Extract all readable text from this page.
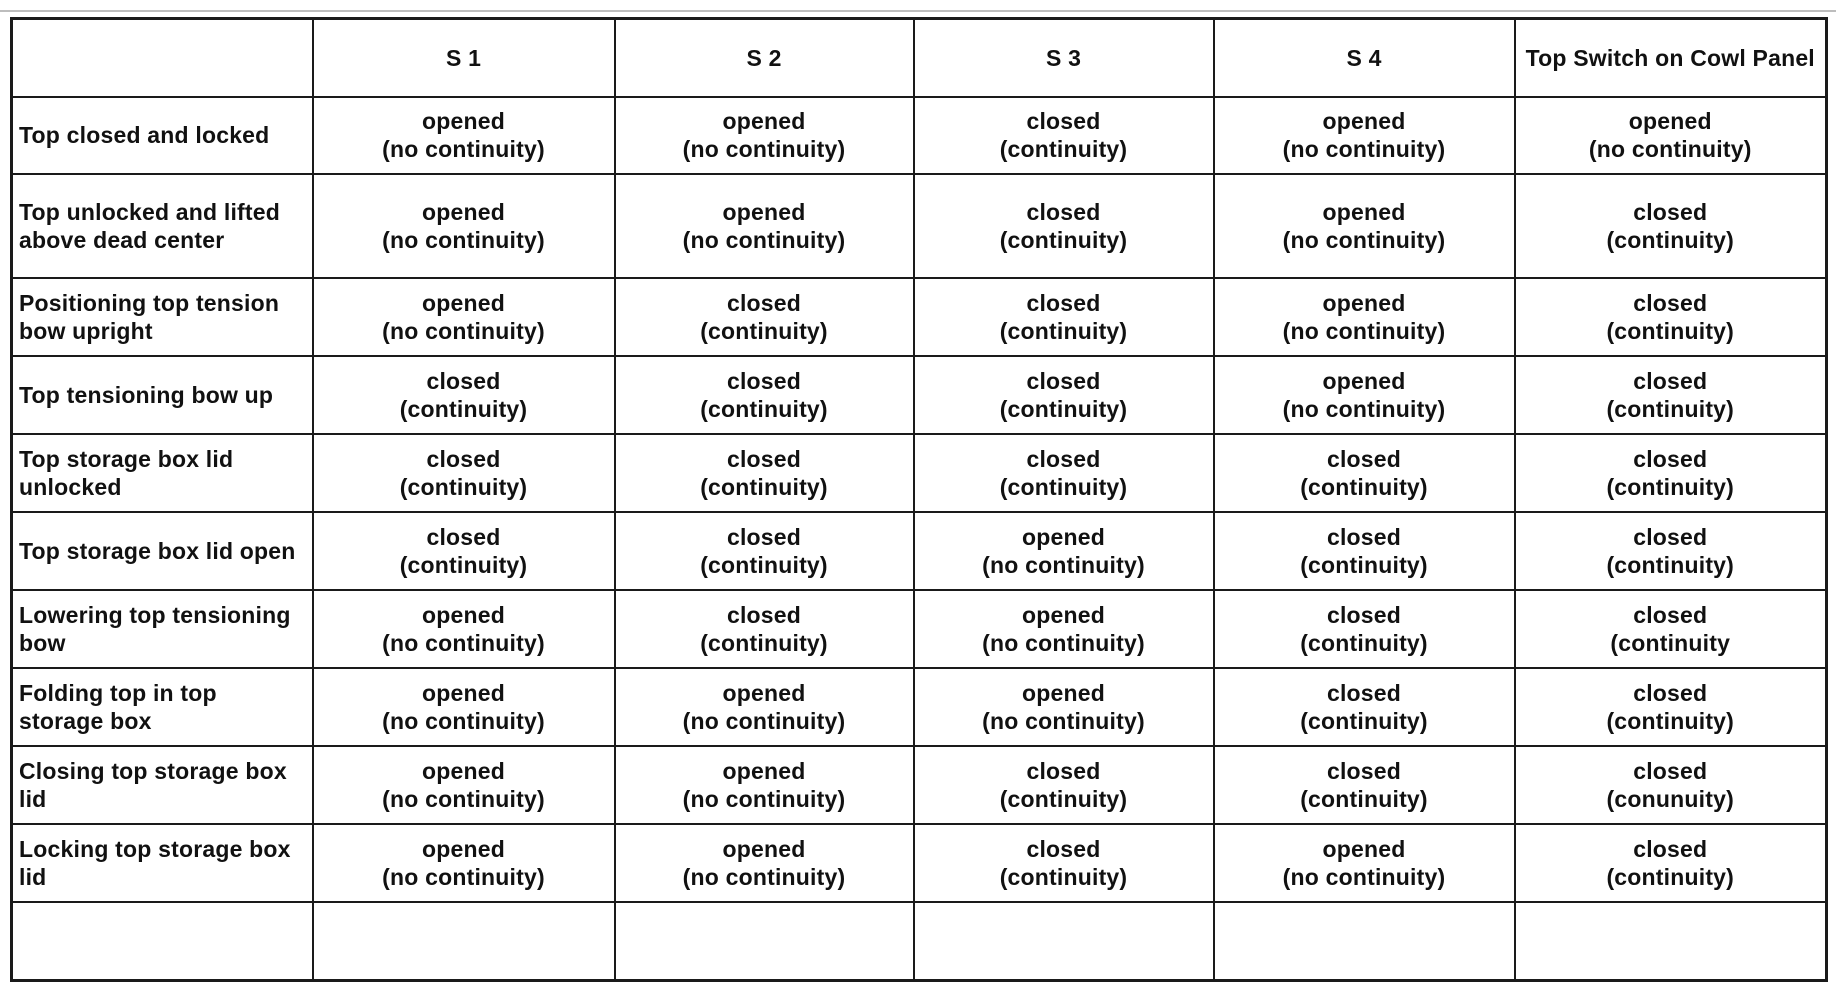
	S 1	S 2	S 3	S 4	Top Switch on Cowl Panel
Top closed and locked	opened
(no continuity)	opened
(no continuity)	closed
(continuity)	opened
(no continuity)	opened
(no continuity)

Top unlocked and lifted above dead center	opened
(no continuity)	opened
(no continuity)	closed
(continuity)	opened
(no continuity)	closed
(continuity)

Positioning top tension bow upright	opened
(no continuity)	closed
(continuity)	closed
(continuity)	opened
(no continuity)	closed
(continuity)

Top tensioning bow up	closed
(continuity)	closed
(continuity)	closed
(continuity)	opened
(no continuity)	closed
(continuity)

Top storage box lid unlocked	closed
(continuity)	closed
(continuity)	closed
(continuity)	closed
(continuity)	closed
(continuity)

Top storage box lid open	closed
(continuity)	closed
(continuity)	opened
(no continuity)	closed
(continuity)	closed
(continuity)

Lowering top tensioning bow	opened
(no continuity)	closed
(continuity)	opened
(no continuity)	closed
(continuity)	closed
(continuity

Folding top in top storage box	opened
(no continuity)	opened
(no continuity)	opened
(no continuity)	closed
(continuity)	closed
(continuity)

Closing top storage box lid	opened
(no continuity)	opened
(no continuity)	closed
(continuity)	closed
(continuity)	closed
(conunuity)

Locking top storage box lid	opened
(no continuity)	opened
(no continuity)	closed
(continuity)	opened
(no continuity)	closed
(continuity)
